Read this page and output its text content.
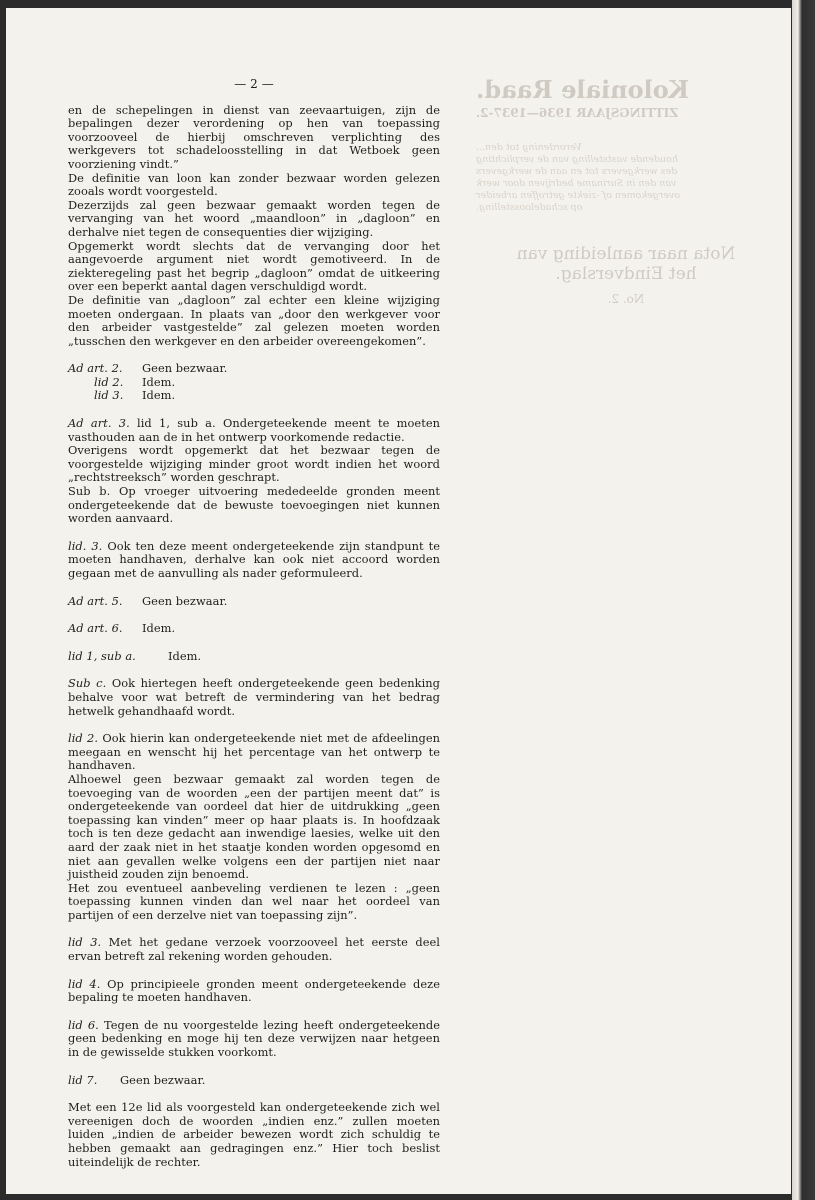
Koloniale Raad.
ZITTINGSJAAR 1936—1937-2.
Verordening tot den...
houdende vaststelling van de verplichting
des werkgevers tot en aan de werkgevers
van den in Suriname bedrijven door werk
overgekomen of -ziekte getroffen arbeider
op schadeloosstelling.
Nota naar aanleiding van
het Eindverslag.
No. 2.
— 2 —

en de schepelingen in dienst van zeevaartuigen, zijn de bepalingen dezer verordening op hen van toepassing voorzooveel de hierbij omschreven verplichting des werkgevers tot schadeloosstelling in dat Wetboek geen voorziening vindt.”

De definitie van loon kan zonder bezwaar worden gelezen zooals wordt voorgesteld.

Dezerzijds zal geen bezwaar gemaakt worden tegen de vervanging van het woord „maandloon” in „dagloon” en derhalve niet tegen de consequenties dier wijziging.

Opgemerkt wordt slechts dat de vervanging door het aangevoerde argument niet wordt gemotiveerd. In de ziekteregeling past het begrip „dagloon” omdat de uitkeering over een beperkt aantal dagen verschuldigd wordt.

De definitie van „dagloon” zal echter een kleine wijziging moeten ondergaan. In plaats van „door den werkgever voor den arbeider vastgestelde” zal gelezen moeten worden „tusschen den werkgever en den arbeider overeengekomen”.

Ad art. 2.	Geen bezwaar.
lid 2.	Idem.
lid 3.	Idem.

Ad art. 3. lid 1, sub a. Ondergeteekende meent te moeten vasthouden aan de in het ontwerp voorkomende redactie.

Overigens wordt opgemerkt dat het bezwaar tegen de voorgestelde wijziging minder groot wordt indien het woord „rechtstreeksch” worden geschrapt.

Sub b. Op vroeger uitvoering mededeelde gronden meent ondergeteekende dat de bewuste toevoegingen niet kunnen worden aanvaard.

lid. 3. Ook ten deze meent ondergeteekende zijn standpunt te moeten handhaven, derhalve kan ook niet accoord worden gegaan met de aanvulling als nader geformuleerd.

Ad art. 5.	Geen bezwaar.
Ad art. 6.	Idem.
lid 1, sub a.	Idem.

Sub c. Ook hiertegen heeft ondergeteekende geen bedenking behalve voor wat betreft de vermindering van het bedrag hetwelk gehandhaafd wordt.

lid 2. Ook hierin kan ondergeteekende niet met de afdeelingen meegaan en wenscht hij het percentage van het ontwerp te handhaven.

Alhoewel geen bezwaar gemaakt zal worden tegen de toevoeging van de woorden „een der partijen meent dat” is ondergeteekende van oordeel dat hier de uitdrukking „geen toepassing kan vinden” meer op haar plaats is. In hoofdzaak toch is ten deze gedacht aan inwendige laesies, welke uit den aard der zaak niet in het staatje konden worden opgesomd en niet aan gevallen welke volgens een der partijen niet naar juistheid zouden zijn benoemd.

Het zou eventueel aanbeveling verdienen te lezen : „geen toepassing kunnen vinden dan wel naar het oordeel van partijen of een derzelve niet van toepassing zijn”.

lid 3. Met het gedane verzoek voorzooveel het eerste deel ervan betreft zal rekening worden gehouden.

lid 4. Op principieele gronden meent ondergeteekende deze bepaling te moeten handhaven.

lid 6. Tegen de nu voorgestelde lezing heeft ondergeteekende geen bedenking en moge hij ten deze verwijzen naar hetgeen in de gewisselde stukken voorkomt.

lid 7.	Geen bezwaar.

Met een 12e lid als voorgesteld kan ondergeteekende zich wel vereenigen doch de woorden „indien enz.” zullen moeten luiden „indien de arbeider bewezen wordt zich schuldig te hebben gemaakt aan gedragingen enz.” Hier toch beslist uiteindelijk de rechter.
